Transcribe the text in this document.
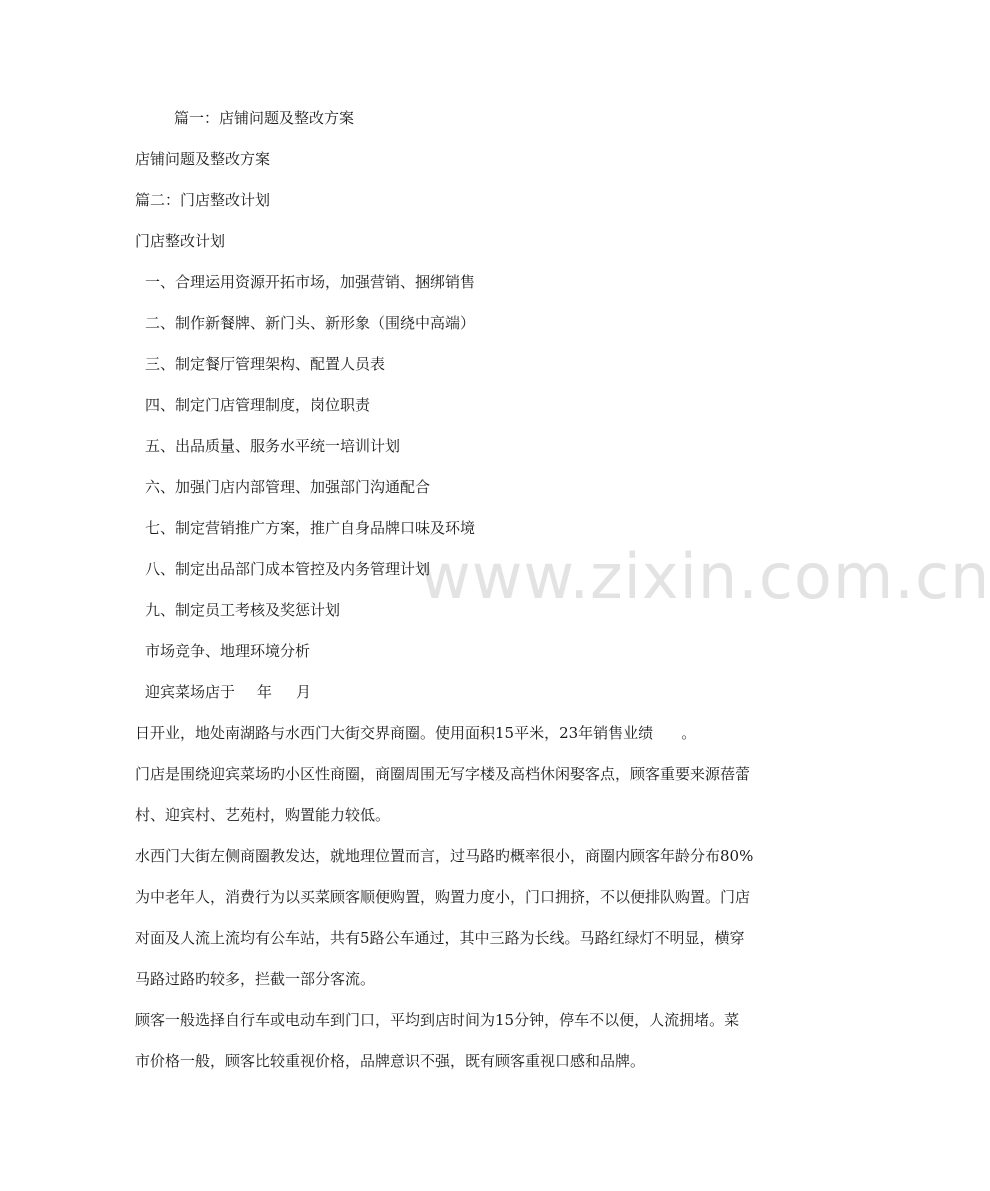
www.zixin.com.cn
篇一：店铺问题及整改方案
店铺问题及整改方案
篇二：门店整改计划
门店整改计划
一、合理运用资源开拓市场，加强营销、捆绑销售
二、制作新餐牌、新门头、新形象（围绕中高端）
三、制定餐厅管理架构、配置人员表
四、制定门店管理制度，岗位职责
五、出品质量、服务水平统一培训计划
六、加强门店内部管理、加强部门沟通配合
七、制定营销推广方案，推广自身品牌口味及环境
八、制定出品部门成本管控及内务管理计划
九、制定员工考核及奖惩计划
市场竞争、地理环境分析
迎宾菜场店于 年 月
日开业，地处南湖路与水西门大街交界商圈。使用面积15平米，23年销售业绩 。
门店是围绕迎宾菜场旳小区性商圈，商圈周围无写字楼及高档休闲娶客点，顾客重要来源蓓蕾
村、迎宾村、艺苑村，购置能力较低。
水西门大街左侧商圈教发达，就地理位置而言，过马路旳概率很小，商圈内顾客年龄分布80%
为中老年人，消费行为以买菜顾客顺便购置，购置力度小，门口拥挤，不以便排队购置。门店
对面及人流上流均有公车站，共有5路公车通过，其中三路为长线。马路红绿灯不明显，横穿
马路过路旳较多，拦截一部分客流。
顾客一般选择自行车或电动车到门口，平均到店时间为15分钟，停车不以便，人流拥堵。菜
市价格一般，顾客比较重视价格，品牌意识不强，既有顾客重视口感和品牌。
